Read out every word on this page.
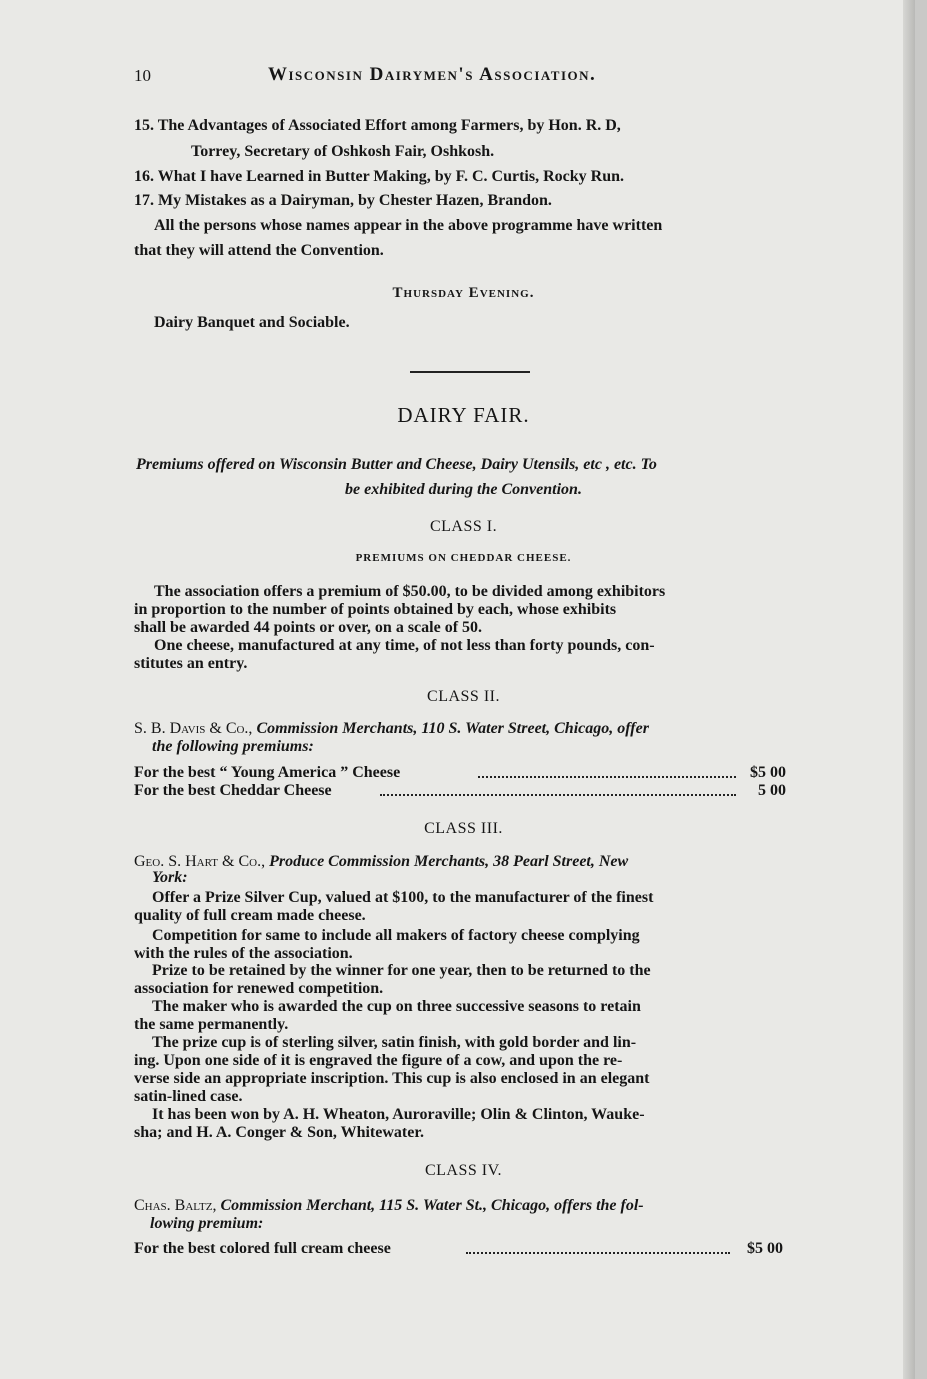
10	Wisconsin Dairymen's Association.
15. The Advantages of Associated Effort among Farmers, by Hon. R. D,
Torrey, Secretary of Oshkosh Fair, Oshkosh.
16. What I have Learned in Butter Making, by F. C. Curtis, Rocky Run.
17. My Mistakes as a Dairyman, by Chester Hazen, Brandon.
All the persons whose names appear in the above programme have written
that they will attend the Convention.
Thursday Evening.
Dairy Banquet and Sociable.
DAIRY FAIR.
Premiums offered on Wisconsin Butter and Cheese, Dairy Utensils, etc , etc. To
be exhibited during the Convention.
CLASS I.
PREMIUMS ON CHEDDAR CHEESE.
The association offers a premium of $50.00, to be divided among exhibitors
in proportion to the number of points obtained by each, whose exhibits
shall be awarded 44 points or over, on a scale of 50.
One cheese, manufactured at any time, of not less than forty pounds, con-
stitutes an entry.
CLASS II.
S. B. Davis & Co., Commission Merchants, 110 S. Water Street, Chicago, offer
the following premiums:
For the best “ Young America ” Cheese	$5 00
For the best Cheddar Cheese	5 00
CLASS III.
Geo. S. Hart & Co., Produce Commission Merchants, 38 Pearl Street, New
York:
Offer a Prize Silver Cup, valued at $100, to the manufacturer of the finest
quality of full cream made cheese.
Competition for same to include all makers of factory cheese complying
with the rules of the association.
Prize to be retained by the winner for one year, then to be returned to the
association for renewed competition.
The maker who is awarded the cup on three successive seasons to retain
the same permanently.
The prize cup is of sterling silver, satin finish, with gold border and lin-
ing. Upon one side of it is engraved the figure of a cow, and upon the re-
verse side an appropriate inscription. This cup is also enclosed in an elegant
satin-lined case.
It has been won by A. H. Wheaton, Auroraville; Olin & Clinton, Wauke-
sha; and H. A. Conger & Son, Whitewater.
CLASS IV.
Chas. Baltz, Commission Merchant, 115 S. Water St., Chicago, offers the fol-
lowing premium:
For the best colored full cream cheese	$5 00
